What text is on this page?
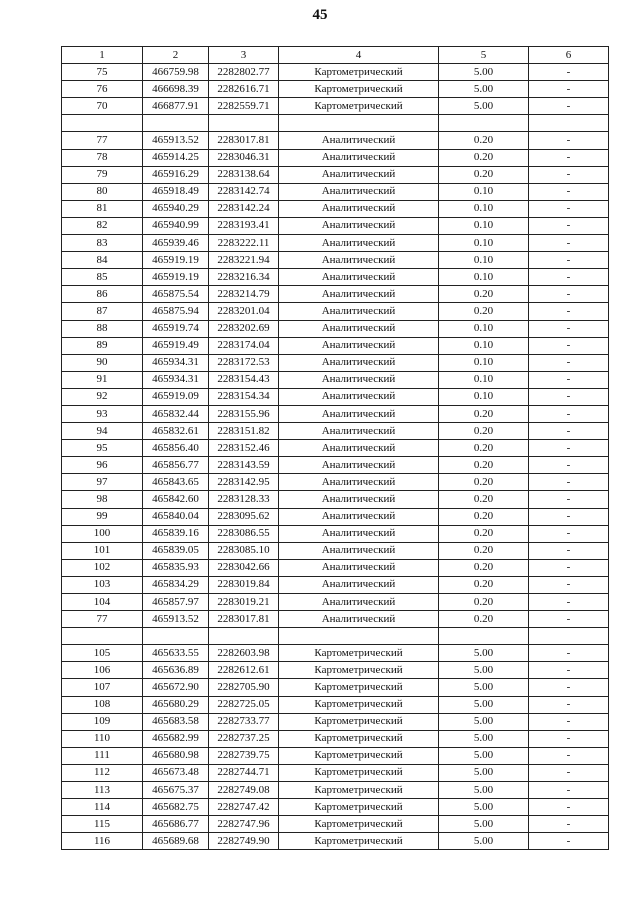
45
1	2	3	4	5	6
75	466759.98	2282802.77	Картометрический	5.00	-
76	466698.39	2282616.71	Картометрический	5.00	-
70	466877.91	2282559.71	Картометрический	5.00	-

77	465913.52	2283017.81	Аналитический	0.20	-
78	465914.25	2283046.31	Аналитический	0.20	-
79	465916.29	2283138.64	Аналитический	0.20	-
80	465918.49	2283142.74	Аналитический	0.10	-
81	465940.29	2283142.24	Аналитический	0.10	-
82	465940.99	2283193.41	Аналитический	0.10	-
83	465939.46	2283222.11	Аналитический	0.10	-
84	465919.19	2283221.94	Аналитический	0.10	-
85	465919.19	2283216.34	Аналитический	0.10	-
86	465875.54	2283214.79	Аналитический	0.20	-
87	465875.94	2283201.04	Аналитический	0.20	-
88	465919.74	2283202.69	Аналитический	0.10	-
89	465919.49	2283174.04	Аналитический	0.10	-
90	465934.31	2283172.53	Аналитический	0.10	-
91	465934.31	2283154.43	Аналитический	0.10	-
92	465919.09	2283154.34	Аналитический	0.10	-
93	465832.44	2283155.96	Аналитический	0.20	-
94	465832.61	2283151.82	Аналитический	0.20	-
95	465856.40	2283152.46	Аналитический	0.20	-
96	465856.77	2283143.59	Аналитический	0.20	-
97	465843.65	2283142.95	Аналитический	0.20	-
98	465842.60	2283128.33	Аналитический	0.20	-
99	465840.04	2283095.62	Аналитический	0.20	-
100	465839.16	2283086.55	Аналитический	0.20	-
101	465839.05	2283085.10	Аналитический	0.20	-
102	465835.93	2283042.66	Аналитический	0.20	-
103	465834.29	2283019.84	Аналитический	0.20	-
104	465857.97	2283019.21	Аналитический	0.20	-
77	465913.52	2283017.81	Аналитический	0.20	-

105	465633.55	2282603.98	Картометрический	5.00	-
106	465636.89	2282612.61	Картометрический	5.00	-
107	465672.90	2282705.90	Картометрический	5.00	-
108	465680.29	2282725.05	Картометрический	5.00	-
109	465683.58	2282733.77	Картометрический	5.00	-
110	465682.99	2282737.25	Картометрический	5.00	-
111	465680.98	2282739.75	Картометрический	5.00	-
112	465673.48	2282744.71	Картометрический	5.00	-
113	465675.37	2282749.08	Картометрический	5.00	-
114	465682.75	2282747.42	Картометрический	5.00	-
115	465686.77	2282747.96	Картометрический	5.00	-
116	465689.68	2282749.90	Картометрический	5.00	-
